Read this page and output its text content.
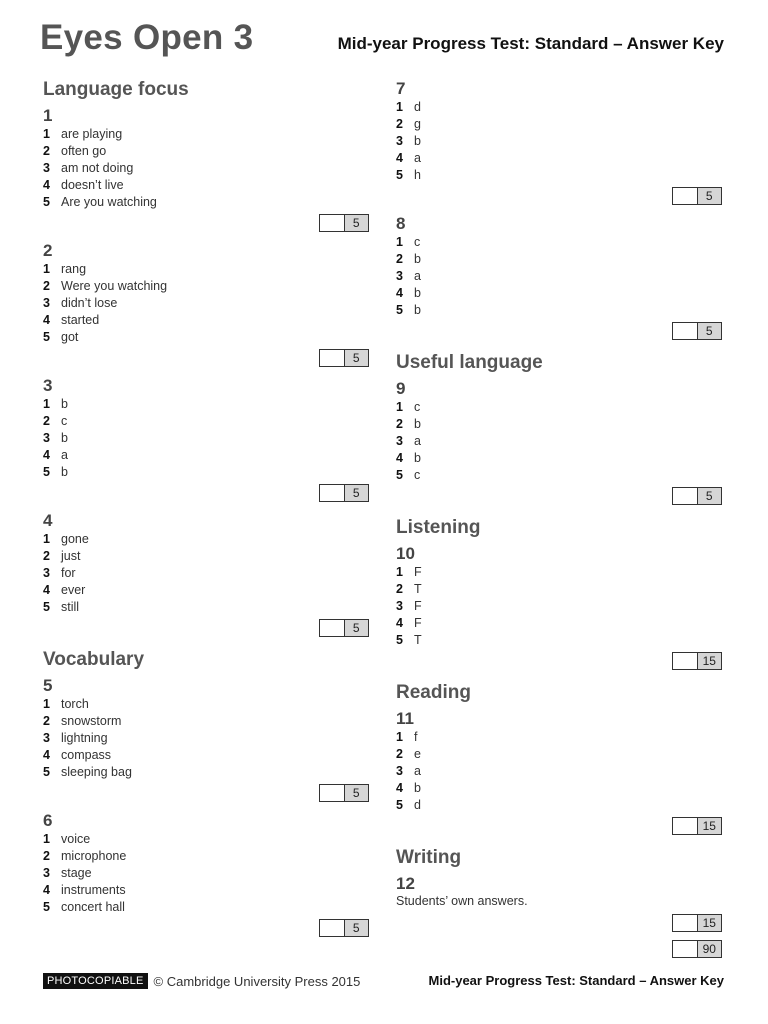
Eyes Open 3	Mid-year Progress Test: Standard – Answer Key
Language focus
1
1 are playing
2 often go
3 am not doing
4 doesn’t live
5 Are you watching
5
2
1 rang
2 Were you watching
3 didn’t lose
4 started
5 got
5
3
1 b
2 c
3 b
4 a
5 b
5
4
1 gone
2 just
3 for
4 ever
5 still
5
Vocabulary
5
1 torch
2 snowstorm
3 lightning
4 compass
5 sleeping bag
5
6
1 voice
2 microphone
3 stage
4 instruments
5 concert hall
5
7
1 d
2 g
3 b
4 a
5 h
5
8
1 c
2 b
3 a
4 b
5 b
5
Useful language
9
1 c
2 b
3 a
4 b
5 c
5
Listening
10
1 F
2 T
3 F
4 F
5 T
15
Reading
11
1 f
2 e
3 a
4 b
5 d
15
Writing
12
Students’ own answers.
15
90
PHOTOCOPIABLE © Cambridge University Press 2015	Mid-year Progress Test: Standard – Answer Key
